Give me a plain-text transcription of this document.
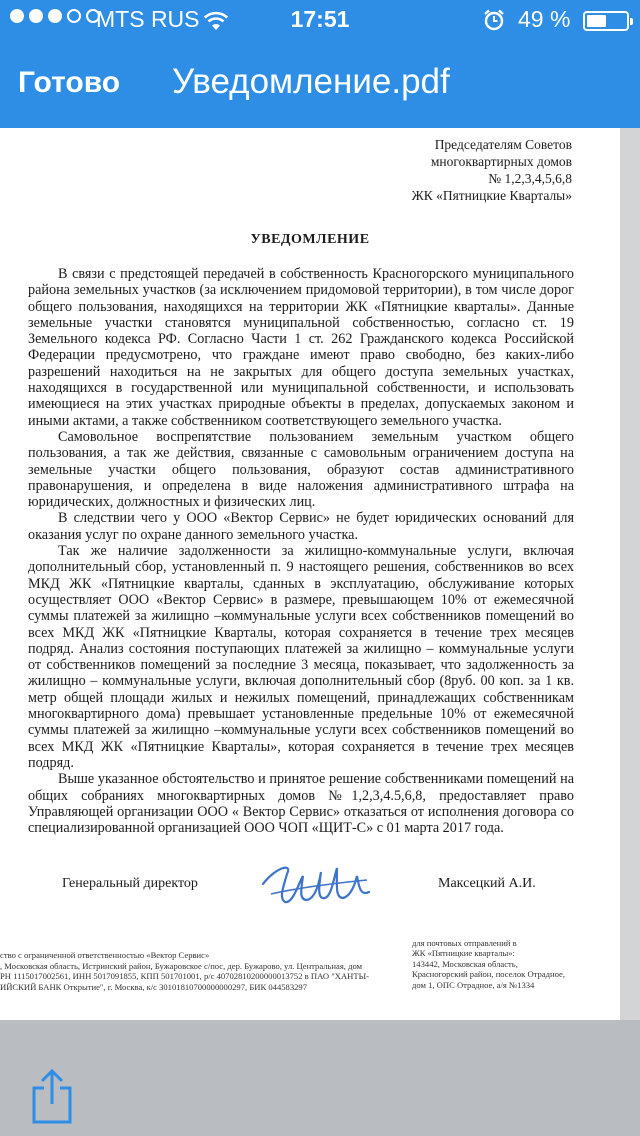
MTS RUS	17:51	49 %
Готово Уведомление.pdf
Председателям Советов
многоквартирных домов
№ 1,2,3,4,5,6,8
ЖК «Пятницкие Кварталы»
УВЕДОМЛЕНИЕ

В связи с предстоящей передачей в собственность Красногорского муниципального района земельных участков (за исключением придомовой территории), в том числе дорог общего пользования, находящихся на территории ЖК «Пятницкие кварталы». Данные земельные участки становятся муниципальной собственностью, согласно ст. 19 Земельного кодекса РФ. Согласно Части 1 ст. 262 Гражданского кодекса Российской Федерации предусмотрено, что граждане имеют право свободно, без каких-либо разрешений находиться на не закрытых для общего доступа земельных участках, находящихся в государственной или муниципальной собственности, и использовать имеющиеся на этих участках природные объекты в пределах, допускаемых законом и иными актами, а также собственником соответствующего земельного участка.

Самовольное воспрепятствие пользованием земельным участком общего пользования, а так же действия, связанные с самовольным ограничением доступа на земельные участки общего пользования, образуют состав административного правонарушения, и определена в виде наложения административного штрафа на юридических, должностных и физических лиц.

В следствии чего у ООО «Вектор Сервис» не будет юридических оснований для оказания услуг по охране данного земельного участка.

Так же наличие задолженности за жилищно-коммунальные услуги, включая дополнительный сбор, установленный п. 9 настоящего решения, собственников во всех МКД ЖК «Пятницкие кварталы, сданных в эксплуатацию, обслуживание которых осуществляет ООО «Вектор Сервис» в размере, превышающем 10% от ежемесячной суммы платежей за жилищно –коммунальные услуги всех собственников помещений во всех МКД ЖК «Пятницкие Кварталы, которая сохраняется в течение трех месяцев подряд. Анализ состояния поступающих платежей за жилищно – коммунальные услуги от собственников помещений за последние 3 месяца, показывает, что задолженность за жилищно – коммунальные услуги, включая дополнительный сбор (8руб. 00 коп. за 1 кв. метр общей площади жилых и нежилых помещений, принадлежащих собственникам многоквартирного дома) превышает установленные предельные 10% от ежемесячной суммы платежей за жилищно –коммунальные услуги всех собственников помещений во всех МКД ЖК «Пятницкие Кварталы», которая сохраняется в течение трех месяцев подряд.

Выше указанное обстоятельство и принятое решение собственниками помещений на общих собраниях многоквартирных домов №1,2,3,4.5,6,8, предоставляет право Управляющей организации ООО « Вектор Сервис» отказаться от исполнения договора со специализированной организацией ООО ЧОП «ЩИТ-С» с 01 марта 2017 года.

Генеральный директор	Максецкий А.И.
ство с ограниченной ответственностью «Вектор Сервис»
, Московская область, Истринский район, Бужаровское с/пос, дер. Бужарово, ул. Центральная, дом
РН 1115017002561, ИНН 5017091855, КПП 501701001, р/с 40702810200000013752 в ПАО "ХАНТЫ-
ИЙСКИЙ БАНК Открытие", г. Москва, к/с 30101810700000000297, БИК 044583297
для почтовых отправлений в
ЖК «Пятницкие кварталы»:
143442, Московская область,
Красногорский район, поселок Отрадное,
дом 1, ОПС Отрадное, а/я №1334
